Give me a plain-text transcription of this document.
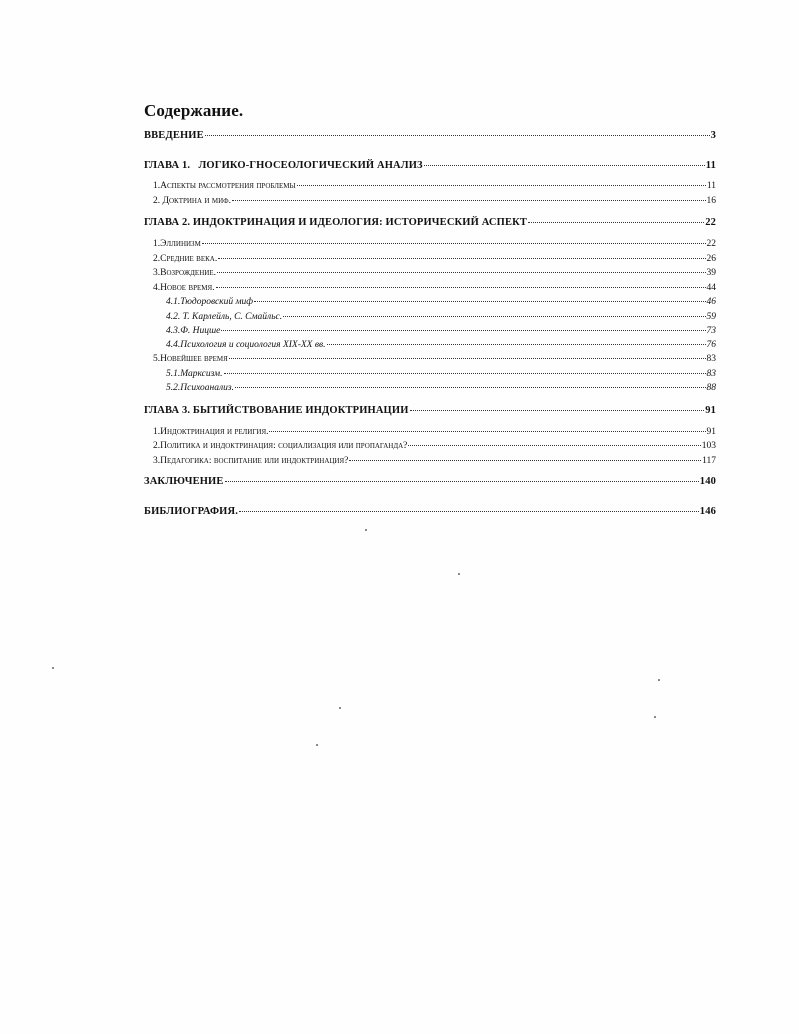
Содержание.
ВВЕДЕНИЕ	3
ГЛАВА 1.   ЛОГИКО-ГНОСЕОЛОГИЧЕСКИЙ АНАЛИЗ	11
1.Аспекты рассмотрения проблемы	11
2. Доктрина и миф.	16
ГЛАВА 2. ИНДОКТРИНАЦИЯ И ИДЕОЛОГИЯ: ИСТОРИЧЕСКИЙ АСПЕКТ	22
1.Эллинизм	22
2.Средние века.	26
3.Возрождение.	39
4.Новое время.	44
4.1.Тюдоровский миф	46
4.2. Т. Карлейль, С. Смайльс.	59
4.3.Ф. Ницше	73
4.4.Психология и социология XIX-XX вв.	76
5.Новейшее время	83
5.1.Марксизм.	83
5.2.Психоанализ.	88
ГЛАВА 3. БЫТИЙСТВОВАНИЕ ИНДОКТРИНАЦИИ	91
1.Индоктринация и религия.	91
2.Политика и индоктринация: социализация или пропаганда?	103
3.Педагогика: воспитание или индоктринация?	117
ЗАКЛЮЧЕНИЕ	140
БИБЛИОГРАФИЯ.	146
